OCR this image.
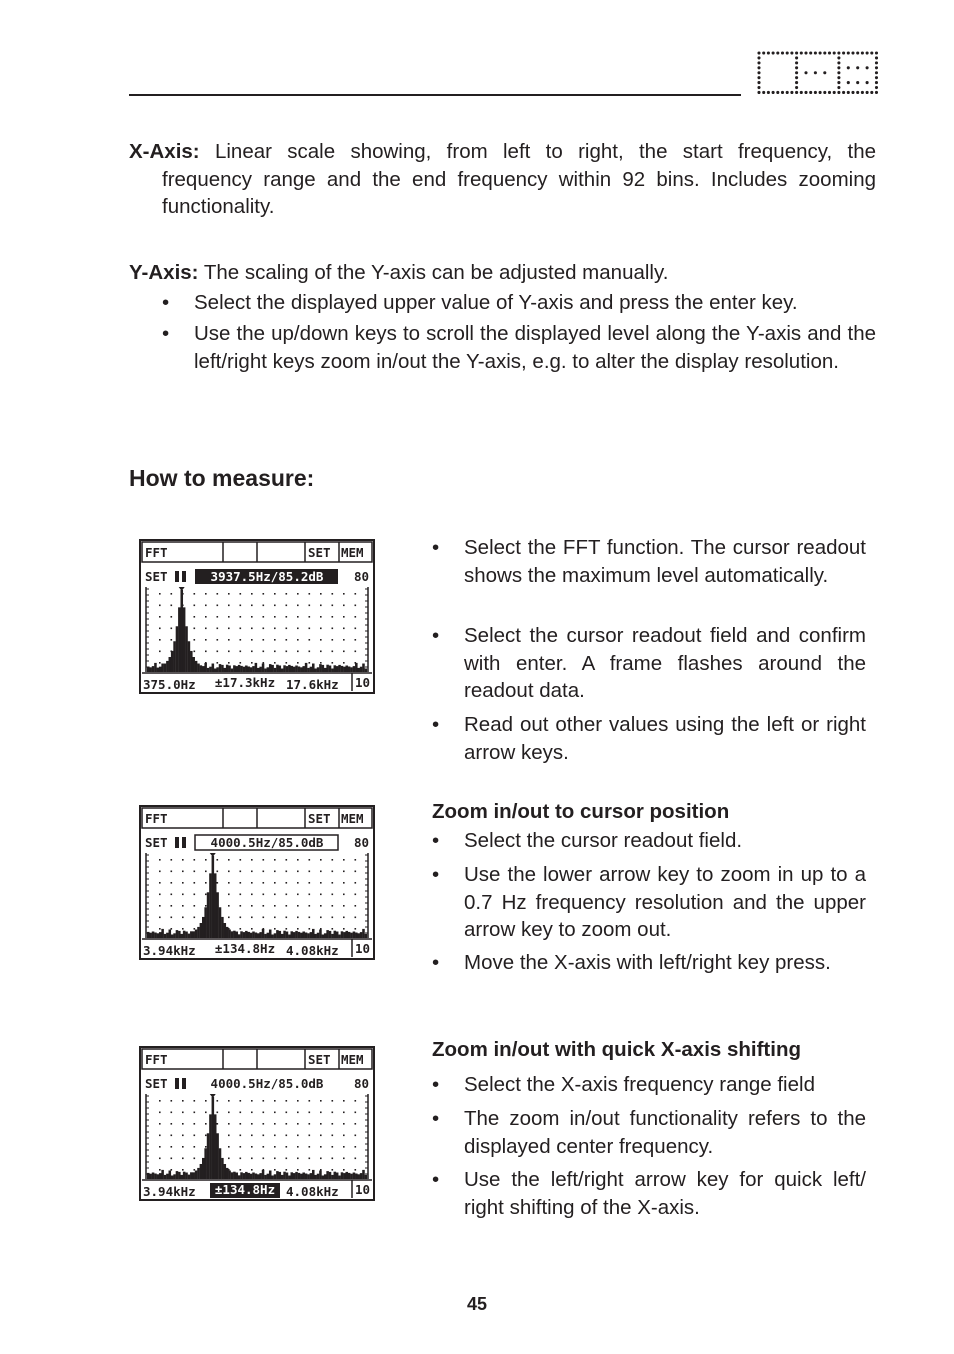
X-Axis: Linear scale showing, from left to right, the start frequency, the
frequency range and the end frequency within 92 bins. Includes zooming
functionality.
Y-Axis: The scaling of the Y-axis can be adjusted manually.
• Select the displayed upper value of Y-axis and press the enter key.
• Use the up/down keys to scroll the displayed level along the Y-axis and the left/right keys zoom in/out the Y-axis, e.g. to alter the display resolution.
How to measure:
FFT	SET MEM
SET	3937.5Hz/85.2dB 80
375.0Hz ±17.3kHz 17.6kHz 10
FFT	SET MEM
SET	4000.5Hz/85.0dB 80
3.94kHz ±134.8Hz 4.08kHz 10
FFT	SET MEM
SET	4000.5Hz/85.0dB 80
3.94kHz ±134.8Hz 4.08kHz 10
• Select the FFT function. The cursor readout shows the maximum level automatically.
• Select the cursor readout field and confirm with enter. A frame flashes around the readout data.
• Read out other values using the left or right arrow keys.
Zoom in/out to cursor position
• Select the cursor readout field.
• Use the lower arrow key to zoom in up to a 0.7 Hz frequency resolution and the upper arrow key to zoom out.
• Move the X-axis with left/right key press.
Zoom in/out with quick X-axis shifting
• Select the X-axis frequency range field
• The zoom in/out functionality refers to the displayed center frequency.
• Use the left/right arrow key for quick left/ right shifting of the X-axis.
45
